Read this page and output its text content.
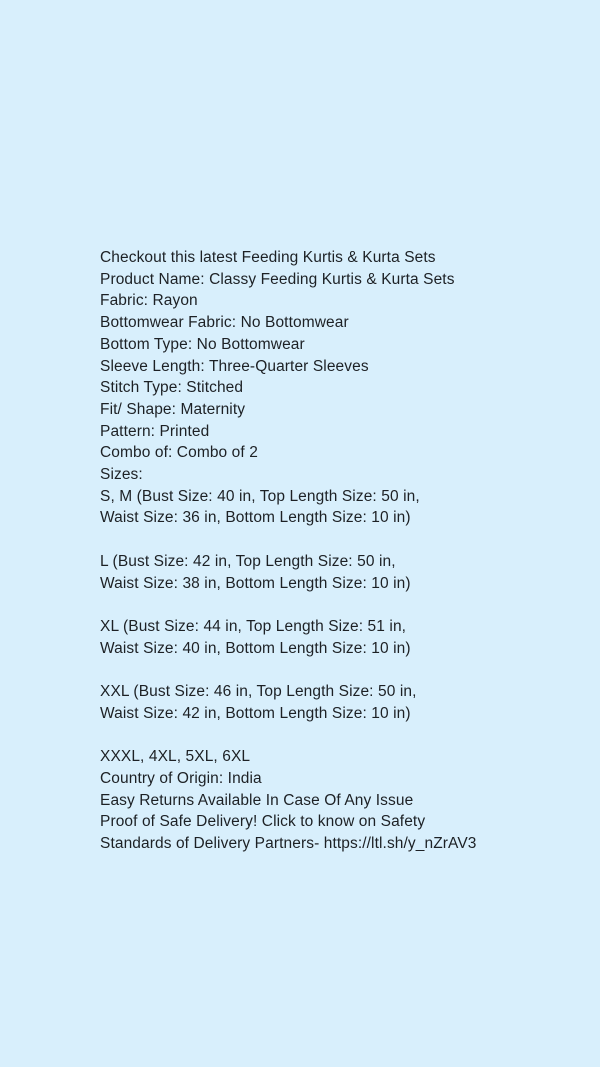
Checkout this latest Feeding Kurtis & Kurta Sets
Product Name: Classy Feeding Kurtis & Kurta Sets
Fabric: Rayon
Bottomwear Fabric: No Bottomwear
Bottom Type: No Bottomwear
Sleeve Length: Three-Quarter Sleeves
Stitch Type: Stitched
Fit/ Shape: Maternity
Pattern: Printed
Combo of: Combo of 2
Sizes:
S, M (Bust Size: 40 in, Top Length Size: 50 in,
Waist Size: 36 in, Bottom Length Size: 10 in)

L (Bust Size: 42 in, Top Length Size: 50 in,
Waist Size: 38 in, Bottom Length Size: 10 in)

XL (Bust Size: 44 in, Top Length Size: 51 in,
Waist Size: 40 in, Bottom Length Size: 10 in)

XXL (Bust Size: 46 in, Top Length Size: 50 in,
Waist Size: 42 in, Bottom Length Size: 10 in)

XXXL, 4XL, 5XL, 6XL
Country of Origin: India
Easy Returns Available In Case Of Any Issue
Proof of Safe Delivery! Click to know on Safety
Standards of Delivery Partners- https://ltl.sh/y_nZrAV3
